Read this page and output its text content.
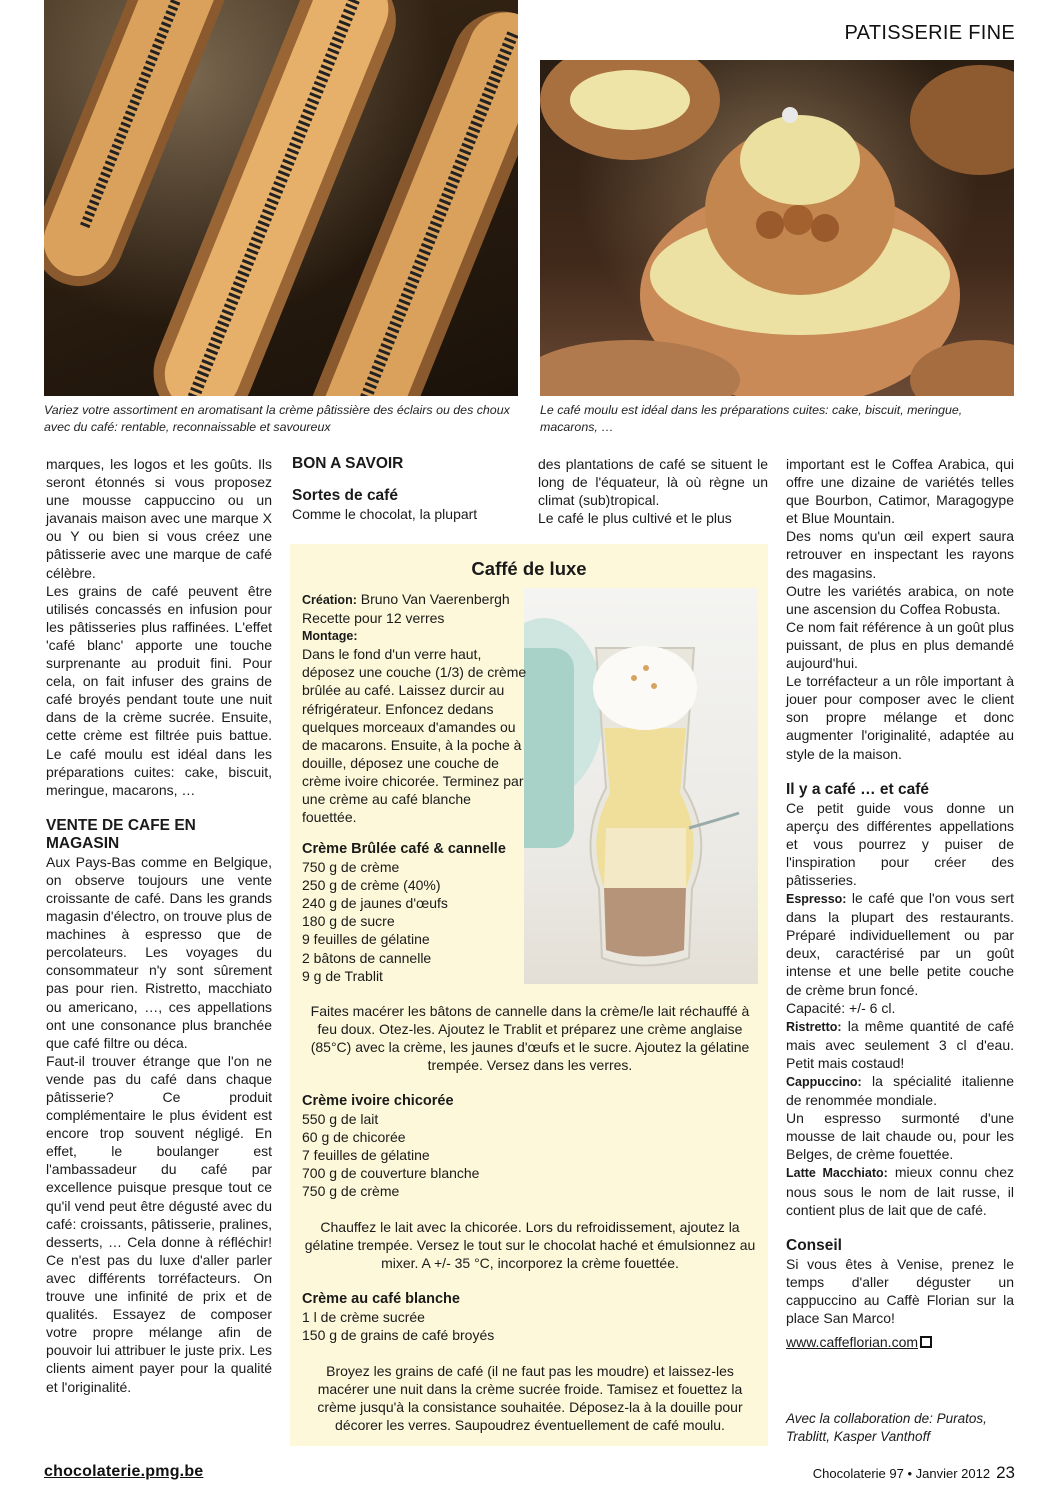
PATISSERIE FINE
Variez votre assortiment en aromatisant la crème pâtissière des éclairs ou des choux avec du café: rentable, reconnaissable et savoureux
Le café moulu est idéal dans les préparations cuites: cake, biscuit, meringue, macarons, …

marques, les logos et les goûts. Ils seront étonnés si vous proposez une mousse cappuccino ou un javanais maison avec une marque X ou Y ou bien si vous créez une pâtisserie avec une marque de café célèbre.

Les grains de café peuvent être utilisés concassés en infusion pour les pâtisseries plus raffinées. L'effet 'café blanc' apporte une touche surprenante au produit fini. Pour cela, on fait infuser des grains de café broyés pendant toute une nuit dans de la crème sucrée. Ensuite, cette crème est filtrée puis battue. Le café moulu est idéal dans les préparations cuites: cake, biscuit, meringue, macarons, …

VENTE DE CAFE EN MAGASIN

Aux Pays-Bas comme en Belgique, on observe toujours une vente croissante de café. Dans les grands magasin d'électro, on trouve plus de machines à espresso que de percolateurs. Les voyages du consommateur n'y sont sûrement pas pour rien. Ristretto, macchiato ou americano, …, ces appellations ont une consonance plus branchée que café filtre ou déca.

Faut-il trouver étrange que l'on ne vende pas du café dans chaque pâtisserie? Ce produit complémentaire le plus évident est encore trop souvent négligé. En effet, le boulanger est l'ambassadeur du café par excellence puisque presque tout ce qu'il vend peut être dégusté avec du café: croissants, pâtisserie, pralines, desserts, … Cela donne à réfléchir! Ce n'est pas du luxe d'aller parler avec différents torréfacteurs. On trouve une infinité de prix et de qualités. Essayez de composer votre propre mélange afin de pouvoir lui attribuer le juste prix. Les clients aiment payer pour la qualité et l'originalité.

BON A SAVOIR
Sortes de café

Comme le chocolat, la plupart

des plantations de café se situent le long de l'équateur, là où règne un climat (sub)tropical.

Le café le plus cultivé et le plus

important est le Coffea Arabica, qui offre une dizaine de variétés telles que Bourbon, Catimor, Maragogype et Blue Mountain.

Des noms qu'un œil expert saura retrouver en inspectant les rayons des magasins.

Outre les variétés arabica, on note une ascension du Coffea Robusta.

Ce nom fait référence à un goût plus puissant, de plus en plus demandé aujourd'hui.

Le torréfacteur a un rôle important à jouer pour composer avec le client son propre mélange et donc augmenter l'originalité, adaptée au style de la maison.

Il y a café … et café

Ce petit guide vous donne un aperçu des différentes appellations et vous pourrez y puiser de l'inspiration pour créer des pâtisseries.

Espresso: le café que l'on vous sert dans la plupart des restaurants. Préparé individuellement ou par deux, caractérisé par un goût intense et une belle petite couche de crème brun foncé.

Capacité: +/- 6 cl.

Ristretto: la même quantité de café mais avec seulement 3 cl d'eau. Petit mais costaud!

Cappuccino: la spécialité italienne de renommée mondiale.

Un espresso surmonté d'une mousse de lait chaude ou, pour les Belges, de crème fouettée.

Latte Macchiato: mieux connu chez nous sous le nom de lait russe, il contient plus de lait que de café.

Conseil

Si vous êtes à Venise, prenez le temps d'aller déguster un cappuccino au Caffè Florian sur la place San Marco!

www.caffeflorian.com

Caffé de luxe
Création: Bruno Van Vaerenbergh
Recette pour 12 verres
Montage:
Dans le fond d'un verre haut, déposez une couche (1/3) de crème brûlée au café. Laissez durcir au réfrigérateur. Enfoncez dedans quelques morceaux d'amandes ou de macarons. Ensuite, à la poche à douille, déposez une couche de crème ivoire chicorée. Terminez par une crème au café blanche fouettée.
Crème Brûlée café & cannelle
750 g de crème
250 g de crème (40%)
240 g de jaunes d'œufs
180 g de sucre
9 feuilles de gélatine
2 bâtons de cannelle
9 g de Trablit
Faites macérer les bâtons de cannelle dans la crème/le lait réchauffé à feu doux. Otez-les. Ajoutez le Trablit et préparez une crème anglaise (85°C) avec la crème, les jaunes d'œufs et le sucre. Ajoutez la gélatine trempée. Versez dans les verres.
Crème ivoire chicorée
550 g de lait
60 g de chicorée
7 feuilles de gélatine
700 g de couverture blanche
750 g de crème
Chauffez le lait avec la chicorée. Lors du refroidissement, ajoutez la gélatine trempée. Versez le tout sur le chocolat haché et émulsionnez au mixer. A +/- 35 °C, incorporez la crème fouettée.
Crème au café blanche
1 l de crème sucrée
150 g de grains de café broyés
Broyez les grains de café (il ne faut pas les moudre) et laissez-les macérer une nuit dans la crème sucrée froide. Tamisez et fouettez la crème jusqu'à la consistance souhaitée. Déposez-la à la douille pour décorer les verres. Saupoudrez éventuellement de café moulu.	Avec la collaboration de: Puratos, Trablitt, Kasper Vanthoff
chocolaterie.pmg.be	Chocolaterie 97 • Janvier 2012 23
